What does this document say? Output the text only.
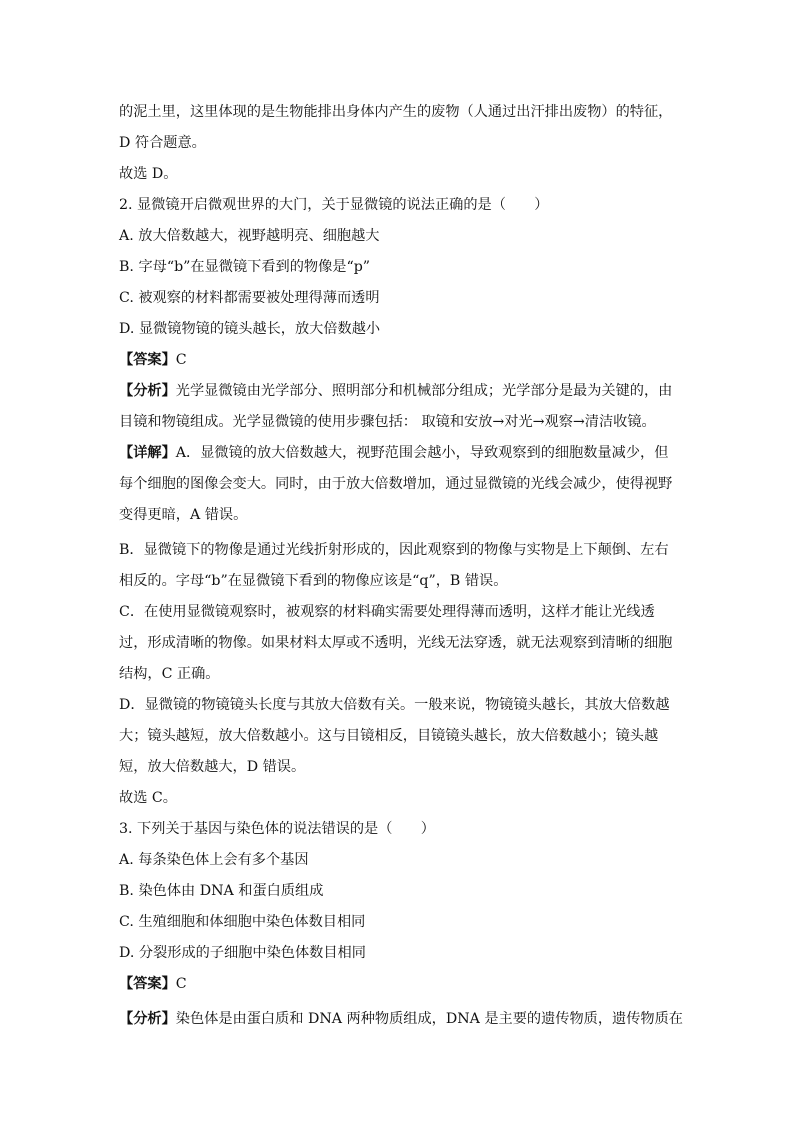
的泥土里，这里体现的是生物能排出身体内产生的废物（人通过出汗排出废物）的特征，
D 符合题意。
故选 D。
2. 显微镜开启微观世界的大门，关于显微镜的说法正确的是（　　）
A. 放大倍数越大，视野越明亮、细胞越大
B. 字母“b”在显微镜下看到的物像是“p”
C. 被观察的材料都需要被处理得薄而透明
D. 显微镜物镜的镜头越长，放大倍数越小
【答案】C
【分析】光学显微镜由光学部分、照明部分和机械部分组成；光学部分是最为关键的，由
目镜和物镜组成。光学显微镜的使用步骤包括： 取镜和安放→对光→观察→清洁收镜。
【详解】A．显微镜的放大倍数越大，视野范围会越小，导致观察到的细胞数量减少，但
每个细胞的图像会变大。同时，由于放大倍数增加，通过显微镜的光线会减少，使得视野
变得更暗，A 错误。
B．显微镜下的物像是通过光线折射形成的，因此观察到的物像与实物是上下颠倒、左右
相反的。字母“b”在显微镜下看到的物像应该是“q”，B 错误。
C．在使用显微镜观察时，被观察的材料确实需要处理得薄而透明，这样才能让光线透
过，形成清晰的物像。如果材料太厚或不透明，光线无法穿透，就无法观察到清晰的细胞
结构，C 正确。
D．显微镜的物镜镜头长度与其放大倍数有关。一般来说，物镜镜头越长，其放大倍数越
大；镜头越短，放大倍数越小。这与目镜相反，目镜镜头越长，放大倍数越小；镜头越
短，放大倍数越大，D 错误。
故选 C。
3. 下列关于基因与染色体的说法错误的是（　　）
A. 每条染色体上会有多个基因
B. 染色体由 DNA 和蛋白质组成
C. 生殖细胞和体细胞中染色体数目相同
D. 分裂形成的子细胞中染色体数目相同
【答案】C
【分析】染色体是由蛋白质和 DNA 两种物质组成，DNA 是主要的遗传物质，遗传物质在
